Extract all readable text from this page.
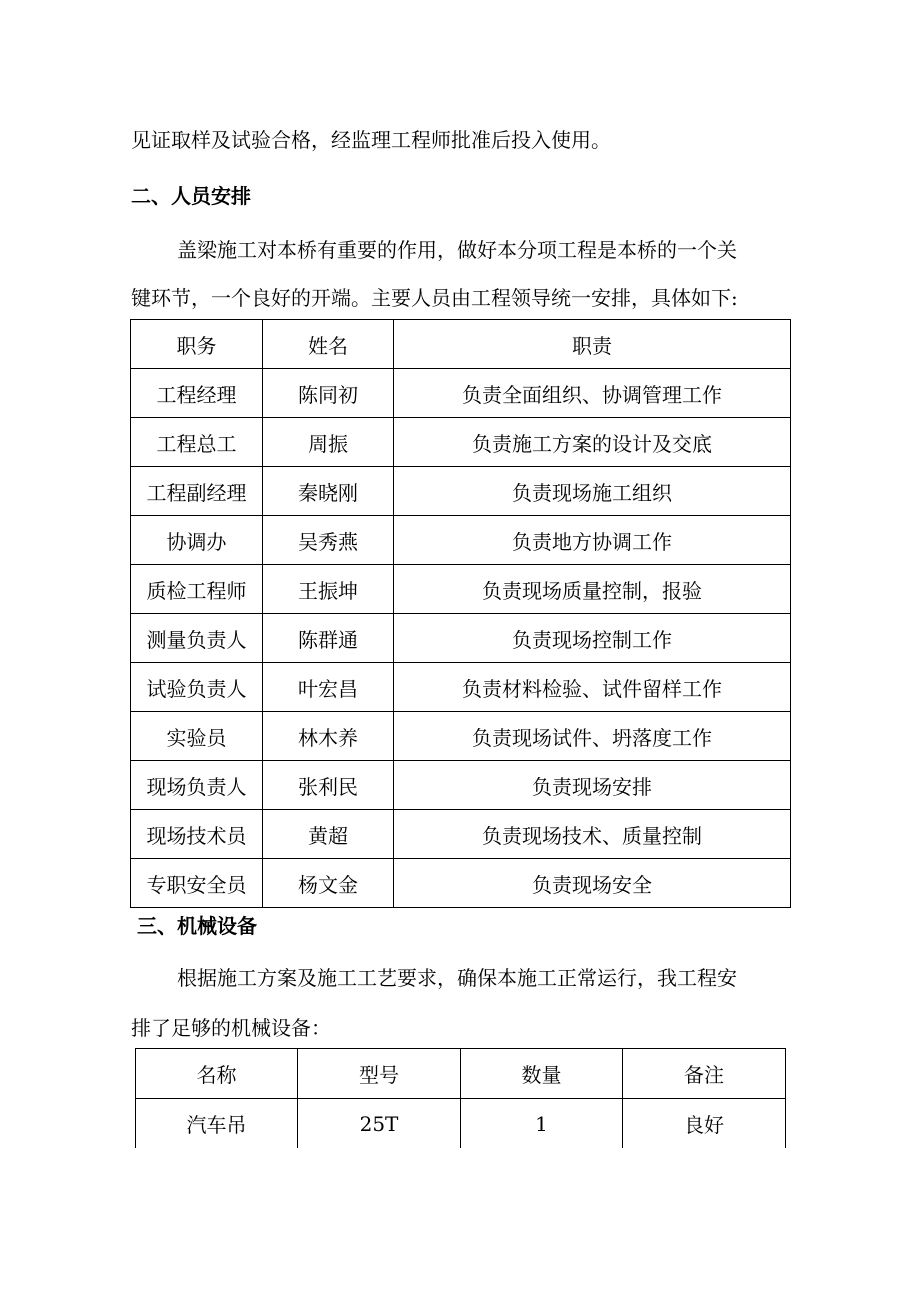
见证取样及试验合格，经监理工程师批准后投入使用。
二、人员安排
盖梁施工对本桥有重要的作用，做好本分项工程是本桥的一个关
键环节，一个良好的开端。主要人员由工程领导统一安排，具体如下:
职务	姓名	职责
工程经理	陈同初	负责全面组织、协调管理工作
工程总工	周振	负责施工方案的设计及交底
工程副经理	秦晓刚	负责现场施工组织
协调办	吴秀燕	负责地方协调工作
质检工程师	王振坤	负责现场质量控制，报验
测量负责人	陈群通	负责现场控制工作
试验负责人	叶宏昌	负责材料检验、试件留样工作
实验员	林木养	负责现场试件、坍落度工作
现场负责人	张利民	负责现场安排
现场技术员	黄超	负责现场技术、质量控制
专职安全员	杨文金	负责现场安全
三、机械设备
根据施工方案及施工工艺要求，确保本施工正常运行，我工程安
排了足够的机械设备：
名称	型号	数量	备注
汽车吊	25T	1	良好
